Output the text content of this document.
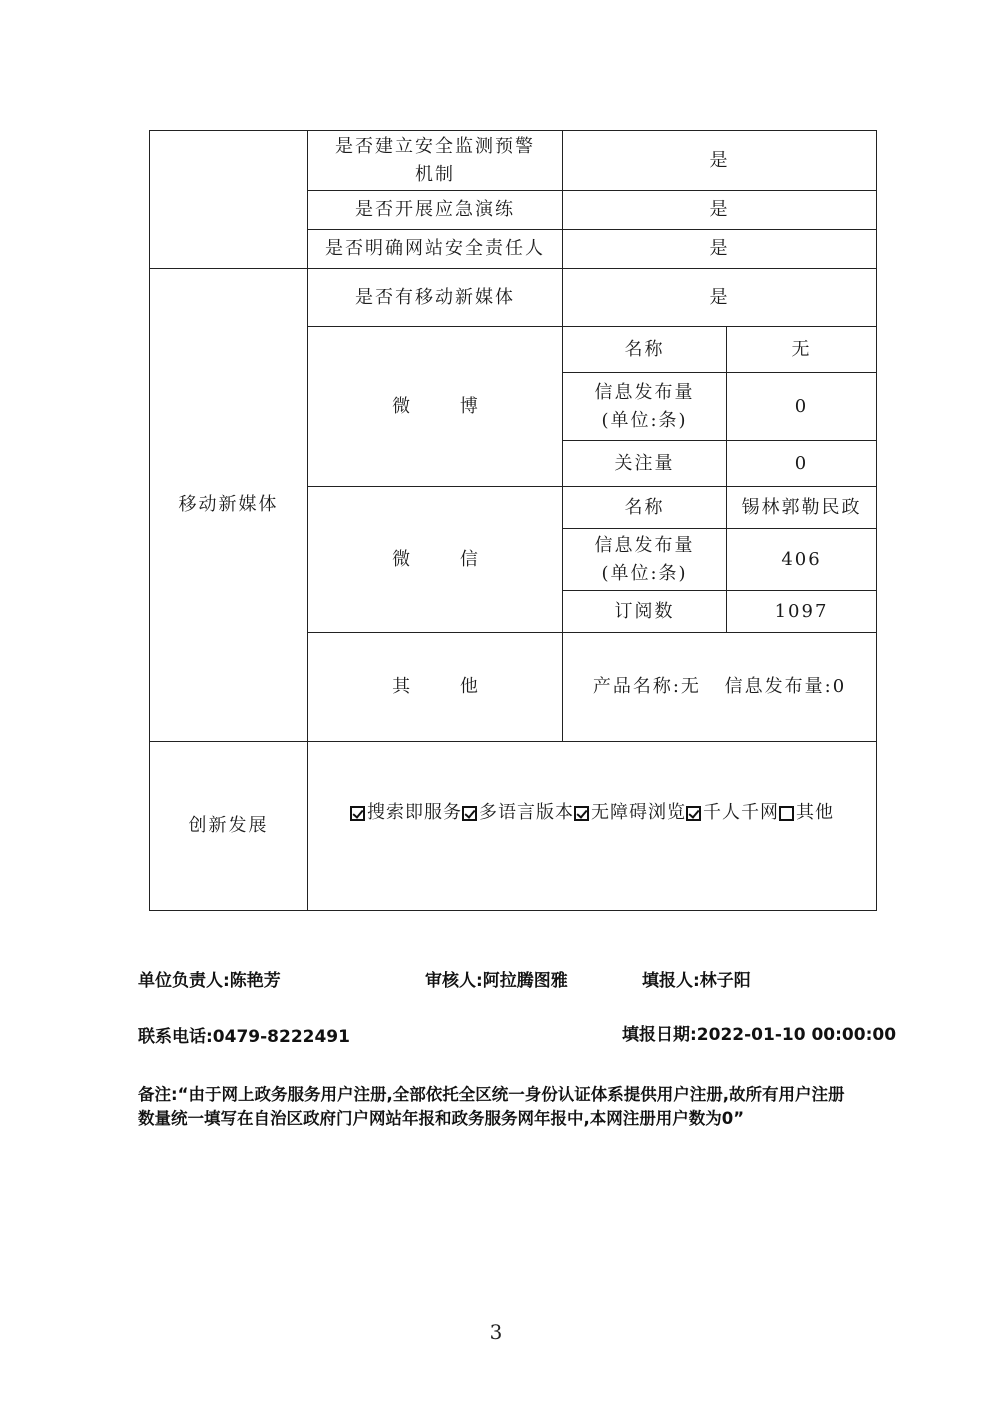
	是否建立安全监测预警
机制	是	
	是否开展应急演练	是	
	是否明确网站安全责任人	是	
移动新媒体	是否有移动新媒体	是	
	微 博	名称	无

		信息发布量
(单位:条)	0
		关注量	0
	微 信	名称	锡林郭勒民政

		信息发布量
(单位:条)	406
		订阅数	1097
	其 他	产品名称:无 信息发布量:0	
创新发展	搜索即服务 多语言版本 无障碍浏览 千人千网 其他		
单位负责人:陈艳芳	审核人:阿拉腾图雅	填报人:林子阳
联系电话:0479-8222491	填报日期:2022-01-10 00:00:00
备注:“由于网上政务服务用户注册,全部依托全区统一身份认证体系提供用户注册,故所有用户注册数量统一填写在自治区政府门户网站年报和政务服务网年报中,本网注册用户数为0”
3
